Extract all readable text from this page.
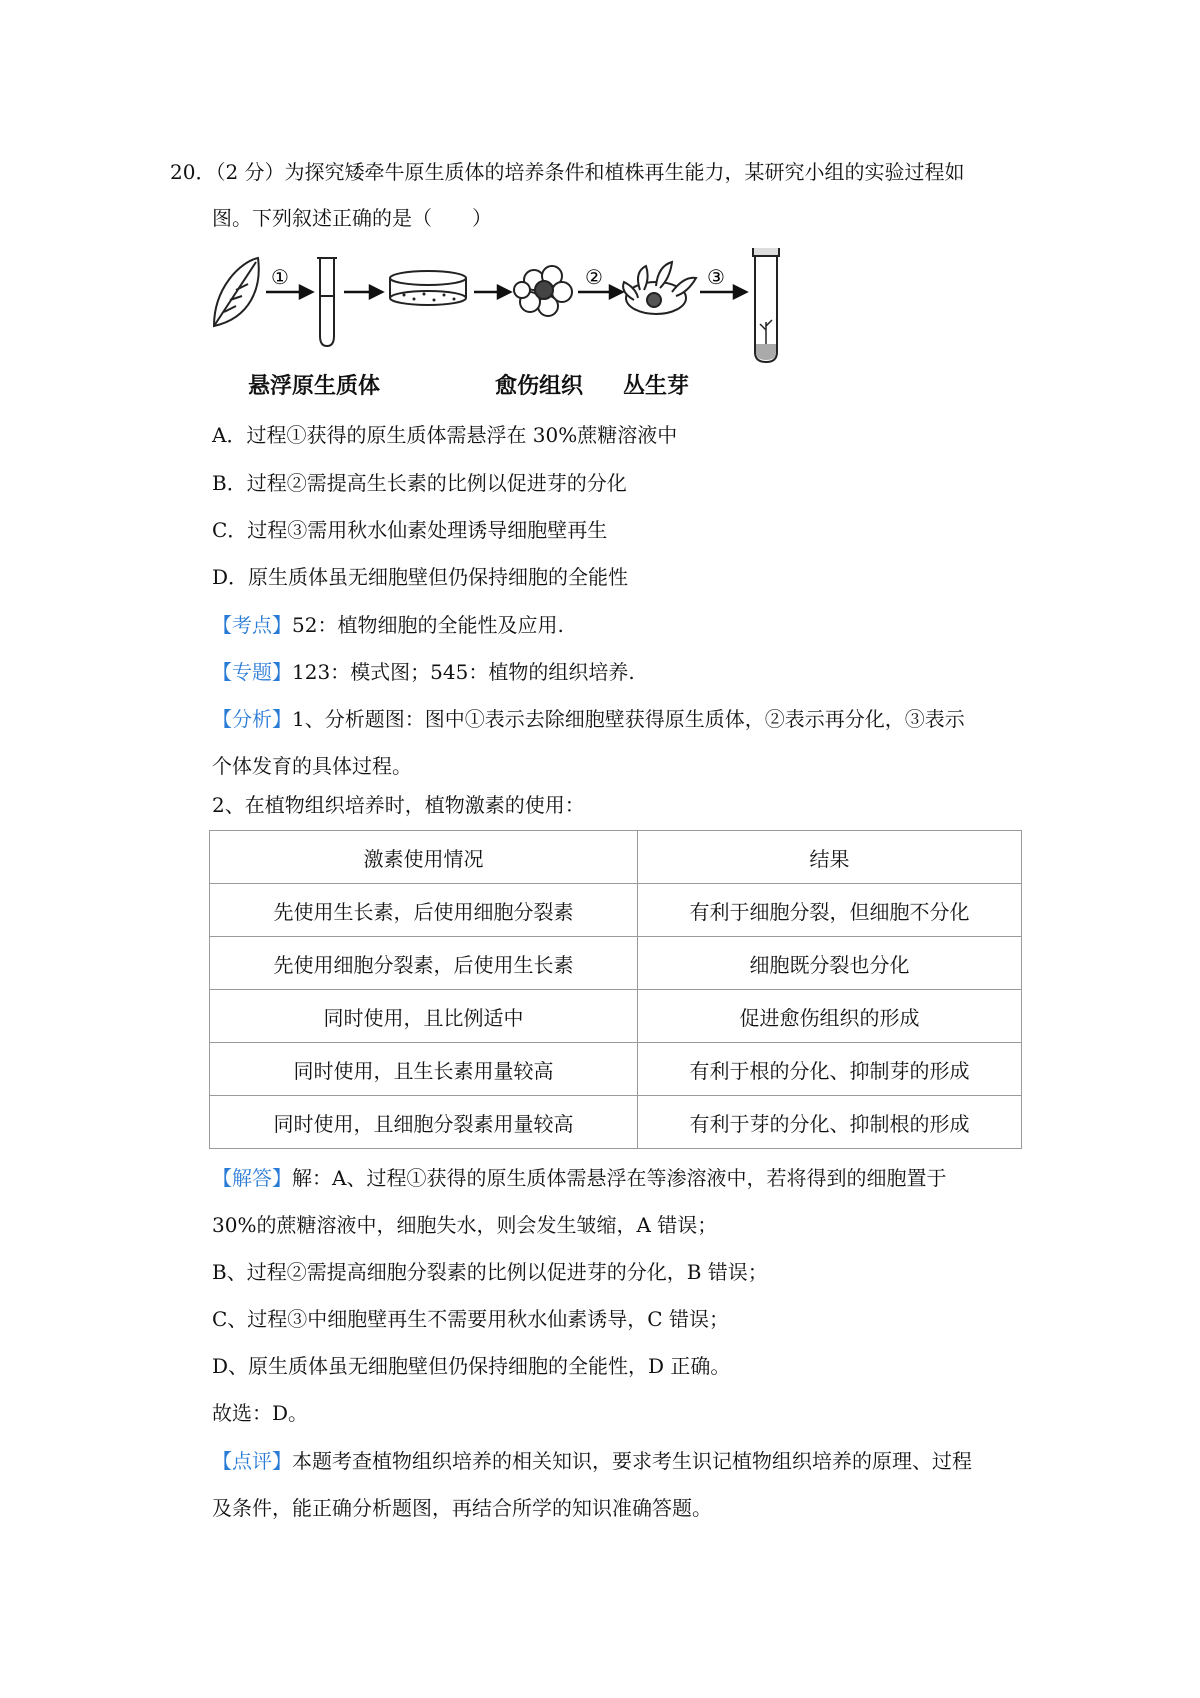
20．（2 分）为探究矮牵牛原生质体的培养条件和植株再生能力，某研究小组的实验过程如
图。下列叙述正确的是（　　）
①	②	③
悬浮原生质体	愈伤组织 丛生芽
A．过程①获得的原生质体需悬浮在 30%蔗糖溶液中
B．过程②需提高生长素的比例以促进芽的分化
C．过程③需用秋水仙素处理诱导细胞壁再生
D．原生质体虽无细胞壁但仍保持细胞的全能性
【考点】52：植物细胞的全能性及应用.
【专题】123：模式图；545：植物的组织培养.
【分析】1、分析题图：图中①表示去除细胞壁获得原生质体，②表示再分化，③表示
个体发育的具体过程。
2、在植物组织培养时，植物激素的使用：
激素使用情况	结果
先使用生长素，后使用细胞分裂素	有利于细胞分裂，但细胞不分化
先使用细胞分裂素，后使用生长素	细胞既分裂也分化
同时使用，且比例适中	促进愈伤组织的形成
同时使用，且生长素用量较高	有利于根的分化、抑制芽的形成
同时使用，且细胞分裂素用量较高	有利于芽的分化、抑制根的形成
【解答】解：A、过程①获得的原生质体需悬浮在等渗溶液中，若将得到的细胞置于
30%的蔗糖溶液中，细胞失水，则会发生皱缩，A 错误；
B、过程②需提高细胞分裂素的比例以促进芽的分化，B 错误；
C、过程③中细胞壁再生不需要用秋水仙素诱导，C 错误；
D、原生质体虽无细胞壁但仍保持细胞的全能性，D 正确。
故选：D。
【点评】本题考查植物组织培养的相关知识，要求考生识记植物组织培养的原理、过程
及条件，能正确分析题图，再结合所学的知识准确答题。
